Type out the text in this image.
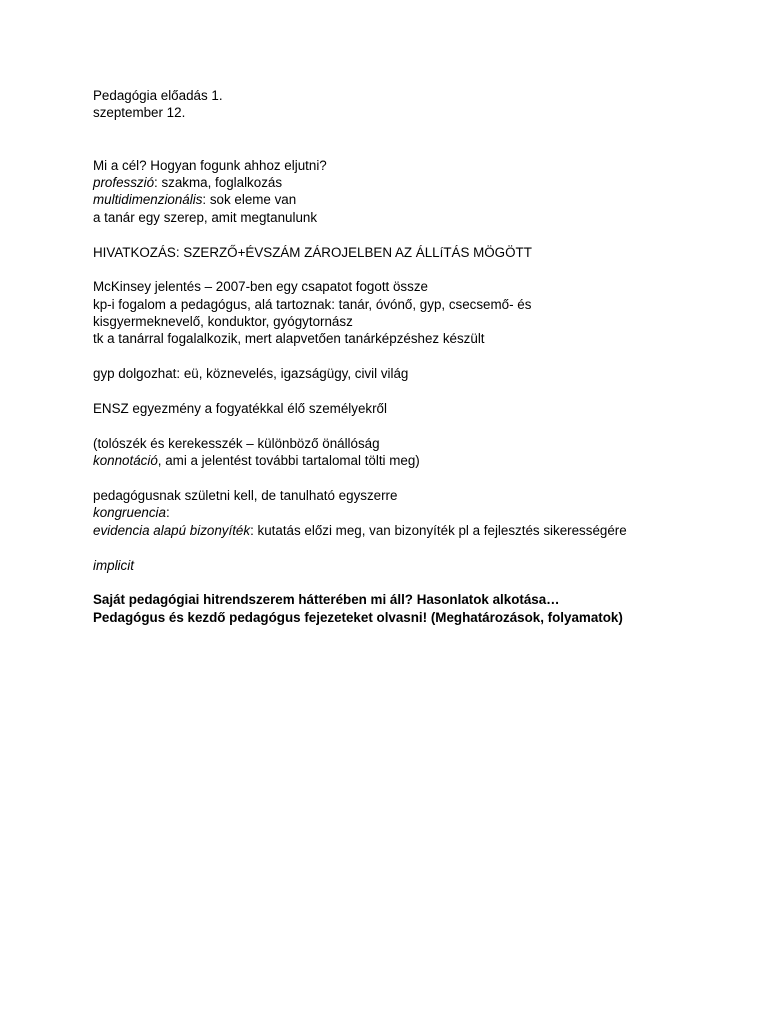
Pedagógia előadás 1.
szeptember 12.
Mi a cél? Hogyan fogunk ahhoz eljutni?
professzió: szakma, foglalkozás
multidimenzionális: sok eleme van
a tanár egy szerep, amit megtanulunk
HIVATKOZÁS: SZERZŐ+ÉVSZÁM ZÁROJELBEN AZ ÁLLíTÁS MÖGÖTT
McKinsey jelentés – 2007-ben egy csapatot fogott össze
kp-i fogalom a pedagógus, alá tartoznak: tanár, óvónő, gyp, csecsemő- és
kisgyermeknevelő, konduktor, gyógytornász
tk a tanárral fogalalkozik, mert alapvetően tanárképzéshez készült
gyp dolgozhat: eü, köznevelés, igazságügy, civil világ
ENSZ egyezmény a fogyatékkal élő személyekről
(tolószék és kerekesszék – különböző önállóság
konnotáció, ami a jelentést további tartalomal tölti meg)
pedagógusnak születni kell, de tanulható egyszerre
kongruencia:
evidencia alapú bizonyíték: kutatás előzi meg, van bizonyíték pl a fejlesztés sikerességére
implicit
Saját pedagógiai hitrendszerem hátterében mi áll? Hasonlatok alkotása…
Pedagógus és kezdő pedagógus fejezeteket olvasni! (Meghatározások, folyamatok)
